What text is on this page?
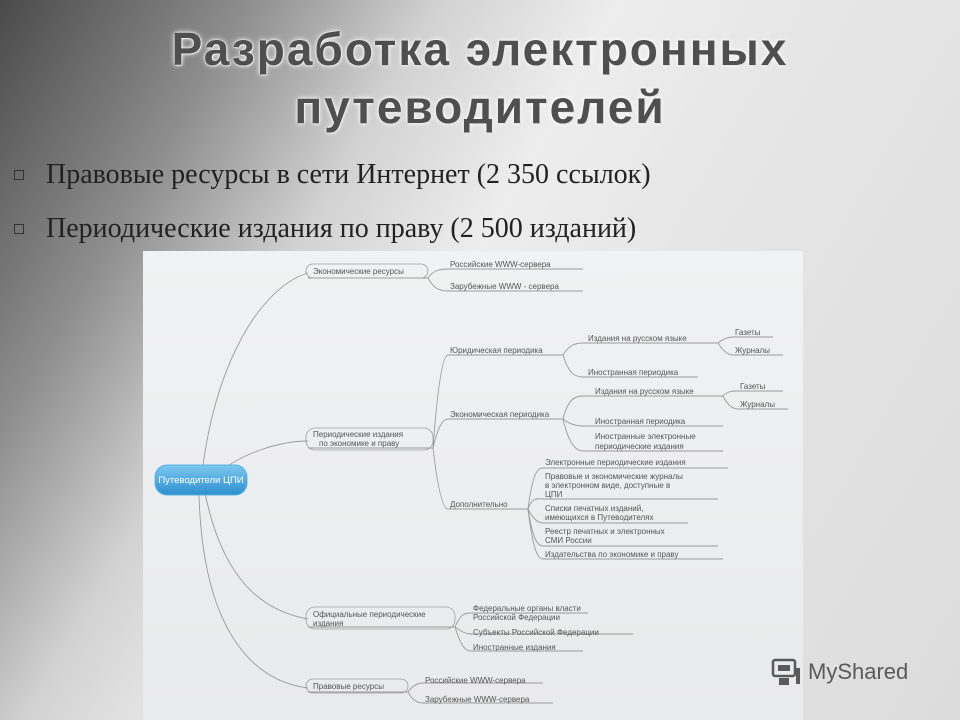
Разработка электронных
путеводителей
Правовые ресурсы в сети Интернет (2 350 ссылок)
Периодические издания по праву (2 500 изданий)
Путеводители ЦПИ
Экономические ресурсы
Периодические издания
по экономике и праву
Официальные периодические
издания
Правовые ресурсы
Российские WWW-сервера
Зарубежные WWW - сервера
Юридическая периодика
Экономическая периодика
Дополнительно
Издания на русском языке
Иностранная периодика
Газеты
Журналы
Издания на русском языке
Иностранная периодика
Иностранные электронные
периодические издания
Газеты
Журналы
Электронные периодические издания
Правовые и экономические журналы
в электронном виде, доступные в
ЦПИ
Списки печатных изданий,
имеющихся в Путеводителях
Реестр печатных и электронных
СМИ России
Издательства по экономике и праву
Федеральные органы власти
Российской Федерации
Субъекты Российской Федерации
Иностранные издания
Российские WWW-сервера
Зарубежные WWW-сервера
MyShared
